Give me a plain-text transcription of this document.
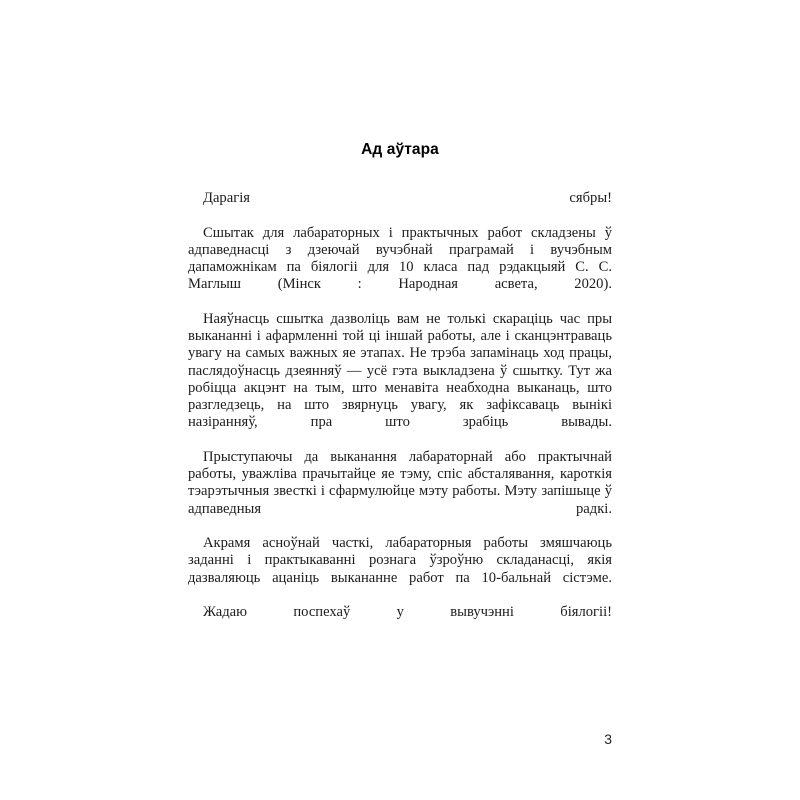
Ад аўтара

Дарагія сябры!

Сшытак для лабараторных і практычных работ складзены ў адпаведнасці з дзеючай вучэбнай праграмай і вучэбным дапаможнікам па біялогіі для 10 класа пад рэдакцыяй С. С. Маглыш (Мінск : Народная асвета, 2020).

Наяўнасць сшытка дазволіць вам не толькі скараціць час пры выкананні і афармленні той ці іншай работы, але і сканцэнтраваць увагу на самых важных яе этапах. Не трэба запамінаць ход працы, паслядоўнасць дзеянняў — усё гэта выкладзена ў сшытку. Тут жа робіцца акцэнт на тым, што менавіта неабходна выканаць, што разгледзець, на што звярнуць увагу, як зафіксаваць вынікі назіранняў, пра што зрабіць вывады.

Прыступаючы да выканання лабараторнай або практычнай работы, уважліва прачытайце яе тэму, спіс абсталявання, кароткія тэарэтычныя звесткі і сфармулюйце мэту работы. Мэту запішыце ў адпаведныя радкі.

Акрамя асноўнай часткі, лабараторныя работы змяшчаюць заданні і практыкаванні рознага ўзроўню складанасці, якія дазваляюць ацаніць выкананне работ па 10-бальнай сістэме.

Жадаю поспехаў у вывучэнні біялогіі!

3
